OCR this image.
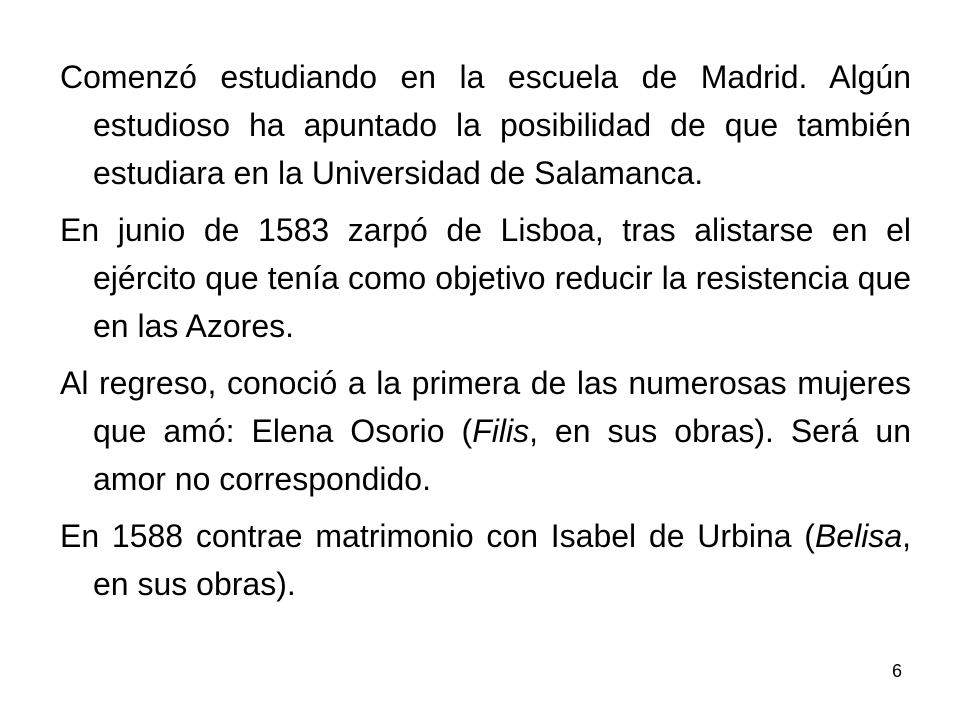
Comenzó estudiando en la escuela de Madrid. Algún estudioso ha apuntado la posibilidad de que también estudiara en la Universidad de Salamanca.

En junio de 1583 zarpó de Lisboa, tras alistarse en el ejército que tenía como objetivo reducir la resistencia que en las Azores.

Al regreso, conoció a la primera de las numerosas mujeres que amó: Elena Osorio (Filis, en sus obras). Será un amor no correspondido.

En 1588 contrae matrimonio con Isabel de Urbina (Belisa, en sus obras).

6
